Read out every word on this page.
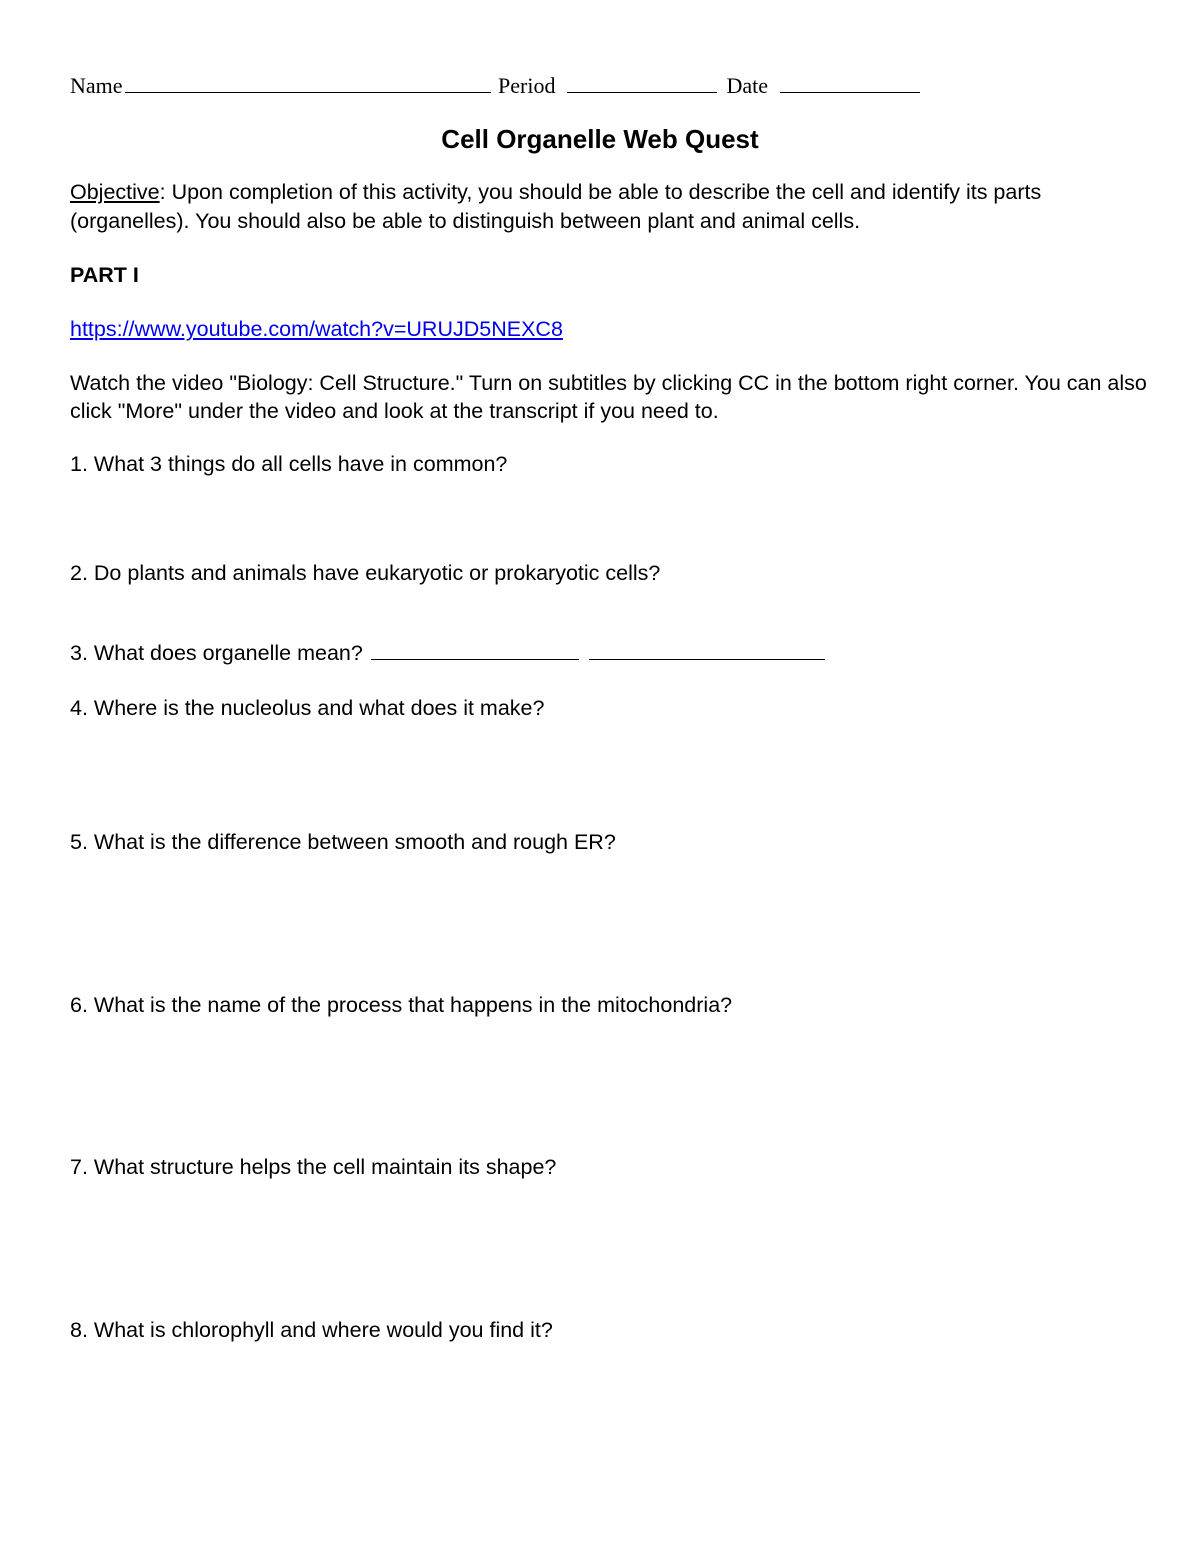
Name	Period	Date
Cell Organelle Web Quest
Objective: Upon completion of this activity, you should be able to describe the cell and identify its parts (organelles). You should also be able to distinguish between plant and animal cells.
PART I
https://www.youtube.com/watch?v=URUJD5NEXC8
Watch the video "Biology: Cell Structure." Turn on subtitles by clicking CC in the bottom right corner. You can also click "More" under the video and look at the transcript if you need to.
1. What 3 things do all cells have in common?
2. Do plants and animals have eukaryotic or prokaryotic cells?
3. What does organelle mean?
4. Where is the nucleolus and what does it make?
5. What is the difference between smooth and rough ER?
6. What is the name of the process that happens in the mitochondria?
7. What structure helps the cell maintain its shape?
8. What is chlorophyll and where would you find it?
